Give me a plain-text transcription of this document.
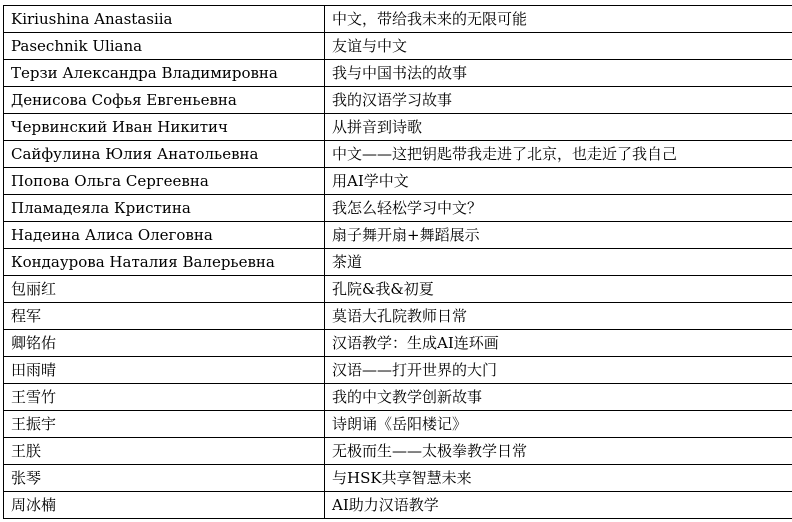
Kiriushina Anastasiia	中文，带给我未来的无限可能
Pasechnik Uliana	友谊与中文
Терзи Александра Владимировна	我与中国书法的故事
Денисова Софья Евгеньевна	我的汉语学习故事
Червинский Иван Никитич	从拼音到诗歌
Сайфулина Юлия Анатольевна	中文——这把钥匙带我走进了北京，也走近了我自己
Попова Ольга Сергеевна	用AI学中文
Пламадеяла Кристина	我怎么轻松学习中文？
Надеина Алиса Олеговна	扇子舞开扇+舞蹈展示
Кондаурова Наталия Валерьевна	茶道
包丽红	孔院&我&初夏
程军	莫语大孔院教师日常
卿铭佑	汉语教学：生成AI连环画
田雨晴	汉语——打开世界的大门
王雪竹	我的中文教学创新故事
王振宇	诗朗诵《岳阳楼记》
王朕	无极而生——太极拳教学日常
张琴	与HSK共享智慧未来
周冰楠	AI助力汉语教学
